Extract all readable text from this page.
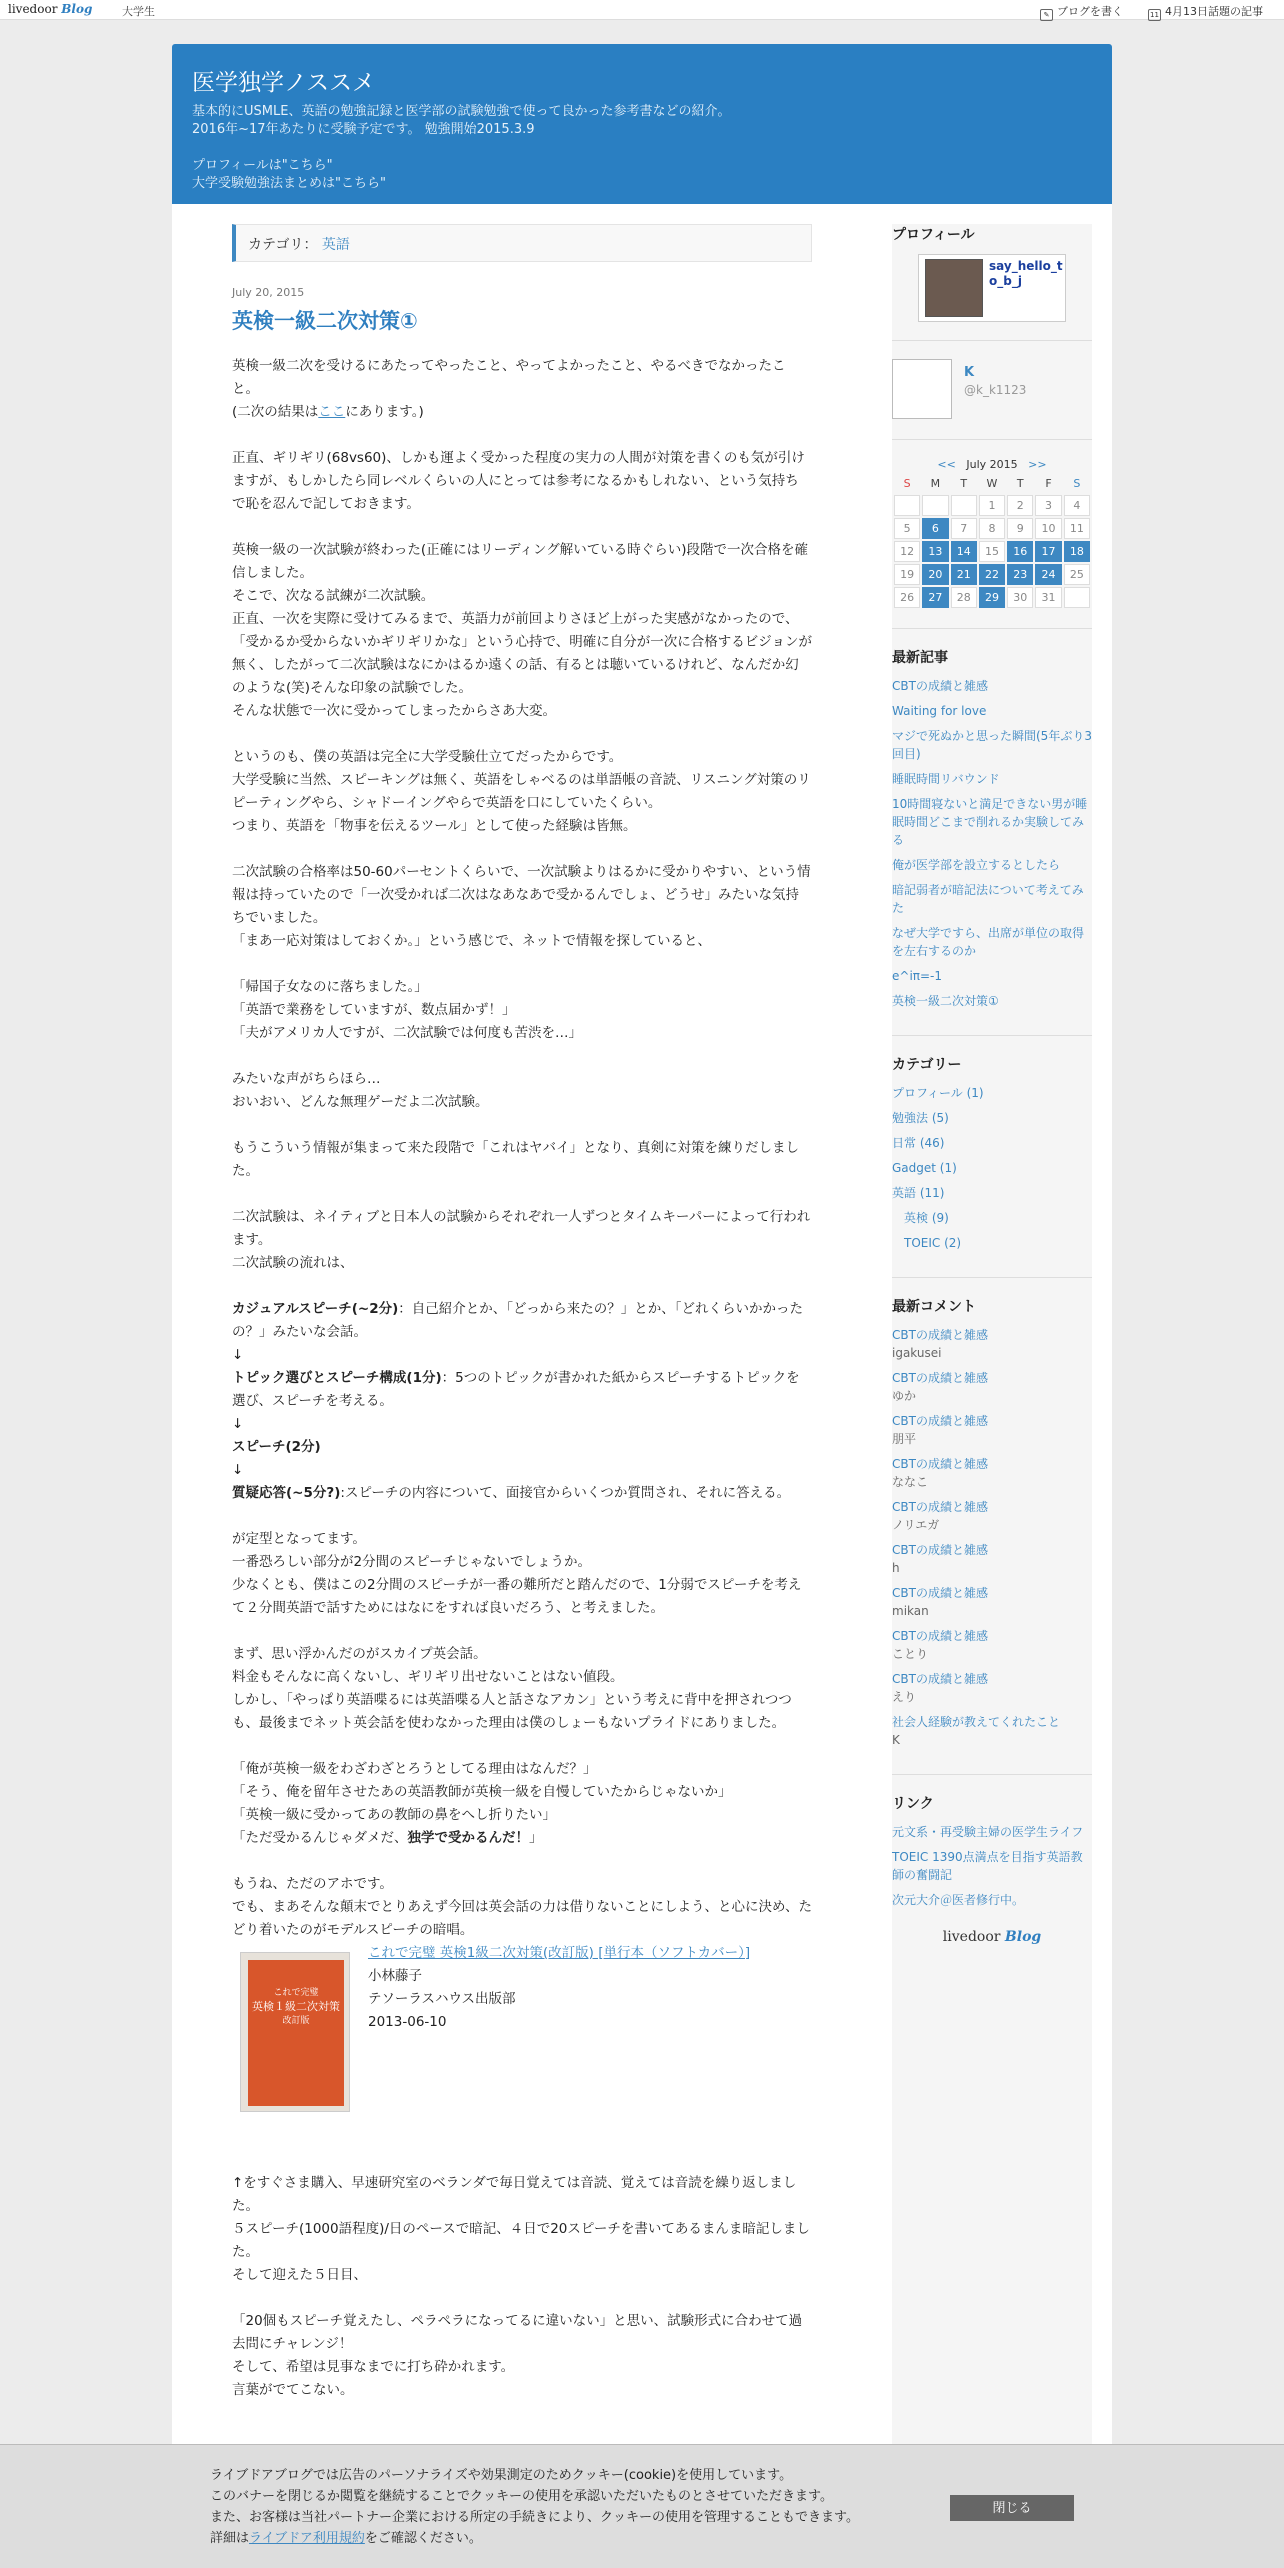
livedoor Blog	大学生	✎ ブログを書く	11 4月13日話題の記事
医学独学ノススメ

基本的にUSMLE、英語の勉強記録と医学部の試験勉強で使って良かった参考書などの紹介。

2016年~17年あたりに受験予定です。 勉強開始2015.3.9

プロフィールは"こちら"

大学受験勉強法まとめは"こちら"

カテゴリ： 英語
July 20, 2015
英検一級二次対策①

英検一級二次を受けるにあたってやったこと、やってよかったこと、やるべきでなかったこと。

(二次の結果はここにあります。)

正直、ギリギリ(68vs60)、しかも運よく受かった程度の実力の人間が対策を書くのも気が引けますが、もしかしたら同レベルくらいの人にとっては参考になるかもしれない、という気持ちで恥を忍んで記しておきます。

英検一級の一次試験が終わった(正確にはリーディング解いている時ぐらい)段階で一次合格を確信しました。

そこで、次なる試練が二次試験。

正直、一次を実際に受けてみるまで、英語力が前回よりさほど上がった実感がなかったので、「受かるか受からないかギリギリかな」という心持で、明確に自分が一次に合格するビジョンが無く、したがって二次試験はなにかはるか遠くの話、有るとは聴いているけれど、なんだか幻のような(笑)そんな印象の試験でした。

そんな状態で一次に受かってしまったからさあ大変。

というのも、僕の英語は完全に大学受験仕立てだったからです。

大学受験に当然、スピーキングは無く、英語をしゃべるのは単語帳の音読、リスニング対策のリピーティングやら、シャドーイングやらで英語を口にしていたくらい。

つまり、英語を「物事を伝えるツール」として使った経験は皆無。

二次試験の合格率は50-60パーセントくらいで、一次試験よりはるかに受かりやすい、という情報は持っていたので「一次受かれば二次はなあなあで受かるんでしょ、どうせ」みたいな気持ちでいました。

「まあ一応対策はしておくか。」という感じで、ネットで情報を探していると、

「帰国子女なのに落ちました。」

「英語で業務をしていますが、数点届かず！」

「夫がアメリカ人ですが、二次試験では何度も苦渋を…」

みたいな声がちらほら…

おいおい、どんな無理ゲーだよ二次試験。

もうこういう情報が集まって来た段階で「これはヤバイ」となり、真剣に対策を練りだしました。

二次試験は、ネイティブと日本人の試験からそれぞれ一人ずつとタイムキーパーによって行われます。

二次試験の流れは、

カジュアルスピーチ(~2分)：自己紹介とか、「どっから来たの？」とか、「どれくらいかかったの？」みたいな会話。

↓

トピック選びとスピーチ構成(1分)：5つのトピックが書かれた紙からスピーチするトピックを選び、スピーチを考える。

↓

スピーチ(2分)

↓

質疑応答(~5分?):スピーチの内容について、面接官からいくつか質問され、それに答える。

が定型となってます。

一番恐ろしい部分が2分間のスピーチじゃないでしょうか。

少なくとも、僕はこの2分間のスピーチが一番の難所だと踏んだので、1分弱でスピーチを考えて２分間英語で話すためにはなにをすれば良いだろう、と考えました。

まず、思い浮かんだのがスカイプ英会話。

料金もそんなに高くないし、ギリギリ出せないことはない値段。

しかし、「やっぱり英語喋るには英語喋る人と話さなアカン」という考えに背中を押されつつも、最後までネット英会話を使わなかった理由は僕のしょーもないプライドにありました。

「俺が英検一級をわざわざとろうとしてる理由はなんだ？」

「そう、俺を留年させたあの英語教師が英検一級を自慢していたからじゃないか」

「英検一級に受かってあの教師の鼻をへし折りたい」

「ただ受かるんじゃダメだ、独学で受かるんだ！」

もうね、ただのアホです。

でも、まあそんな顛末でとりあえず今回は英会話の力は借りないことにしよう、と心に決め、たどり着いたのがモデルスピーチの暗唱。

これで完璧
英検１級二次対策
改訂版
これで完璧 英検1級二次対策(改訂版) [単行本（ソフトカバー）]
小林藤子
テソーラスハウス出版部
2013-06-10

↑をすぐさま購入、早速研究室のベランダで毎日覚えては音読、覚えては音読を繰り返しました。

５スピーチ(1000語程度)/日のペースで暗記、４日で20スピーチを書いてあるまんま暗記しました。

そして迎えた５日目、

「20個もスピーチ覚えたし、ペラペラになってるに違いない」と思い、試験形式に合わせて過去問にチャレンジ！

そして、希望は見事なまでに打ち砕かれます。

言葉がでてこない。

プロフィール
say_hello_to_b_j
K
@k_k1123
<< July 2015 >>
S	M	T	W	T	F	S
			1	2	3	4
5	6	7	8	9	10	11
12	13	14	15	16	17	18
19	20	21	22	23	24	25
26	27	28	29	30	31	
最新記事
CBTの成績と雑感
Waiting for love
マジで死ぬかと思った瞬間(5年ぶり3回目)
睡眠時間リバウンド
10時間寝ないと満足できない男が睡眠時間どこまで削れるか実験してみる
俺が医学部を設立するとしたら
暗記弱者が暗記法について考えてみた
なぜ大学ですら、出席が単位の取得を左右するのか
e^iπ=-1
英検一級二次対策①
カテゴリー
プロフィール (1)
勉強法 (5)
日常 (46)
Gadget (1)
英語 (11)
英検 (9)
TOEIC (2)
最新コメント
CBTの成績と雑感
igakusei
CBTの成績と雑感
ゆか
CBTの成績と雑感
朋平
CBTの成績と雑感
ななこ
CBTの成績と雑感
ノリエガ
CBTの成績と雑感
h
CBTの成績と雑感
mikan
CBTの成績と雑感
ことり
CBTの成績と雑感
えり
社会人経験が教えてくれたこと
K
リンク
元文系・再受験主婦の医学生ライフ
TOEIC 1390点満点を目指す英語教師の奮闘記
次元大介＠医者修行中。
livedoor Blog
ライブドアブログでは広告のパーソナライズや効果測定のためクッキー(cookie)を使用しています。
このバナーを閉じるか閲覧を継続することでクッキーの使用を承認いただいたものとさせていただきます。
また、お客様は当社パートナー企業における所定の手続きにより、クッキーの使用を管理することもできます。
詳細はライブドア利用規約をご確認ください。
閉じる
